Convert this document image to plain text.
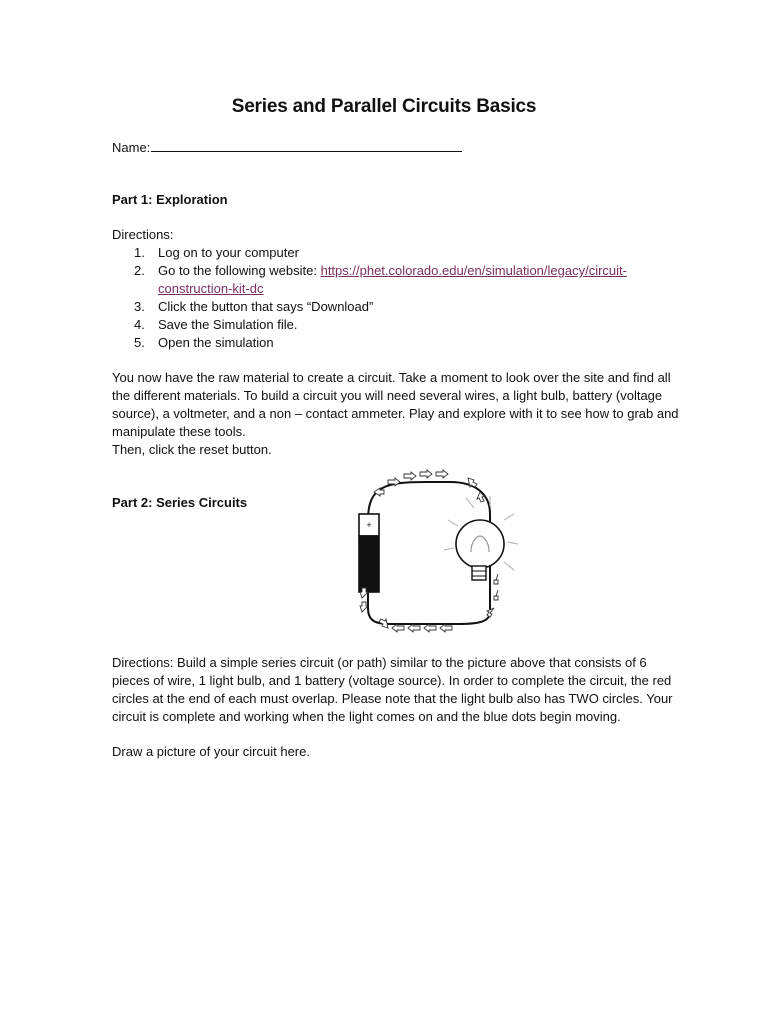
Series and Parallel Circuits Basics
Name:
Part 1: Exploration
Directions:
1. Log on to your computer
2. Go to the following website: https://phet.colorado.edu/en/simulation/legacy/circuit-
construction-kit-dc
3. Click the button that says “Download”
4. Save the Simulation file.
5. Open the simulation
You now have the raw material to create a circuit. Take a moment to look over the site and find all
the different materials. To build a circuit you will need several wires, a light bulb, battery (voltage
source), a voltmeter, and a non – contact ammeter. Play and explore with it to see how to grab and
manipulate these tools.
Then, click the reset button.
Part 2: Series Circuits
+
Directions: Build a simple series circuit (or path) similar to the picture above that consists of 6
pieces of wire, 1 light bulb, and 1 battery (voltage source). In order to complete the circuit, the red
circles at the end of each must overlap. Please note that the light bulb also has TWO circles. Your
circuit is complete and working when the light comes on and the blue dots begin moving.
Draw a picture of your circuit here.
